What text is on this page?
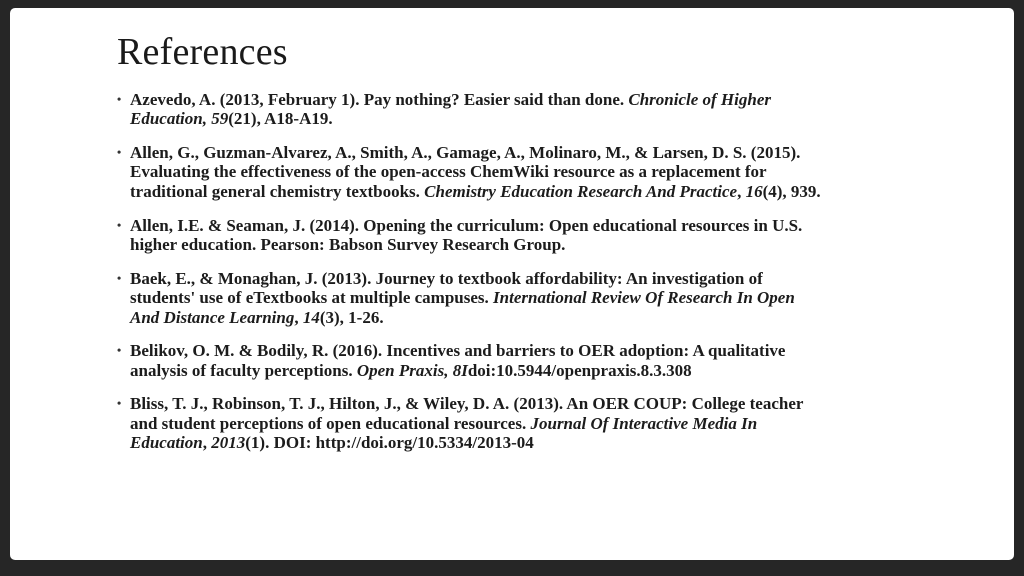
References
• Azevedo, A. (2013, February 1). Pay nothing? Easier said than done. Chronicle of Higher Education, 59(21), A18-A19.
• Allen, G., Guzman-Alvarez, A., Smith, A., Gamage, A., Molinaro, M., & Larsen, D. S. (2015). Evaluating the effectiveness of the open-access ChemWiki resource as a replacement for traditional general chemistry textbooks. Chemistry Education Research And Practice, 16(4), 939.
• Allen, I.E. & Seaman, J. (2014). Opening the curriculum: Open educational resources in U.S. higher education. Pearson: Babson Survey Research Group.
• Baek, E., & Monaghan, J. (2013). Journey to textbook affordability: An investigation of students' use of eTextbooks at multiple campuses. International Review Of Research In Open And Distance Learning, 14(3), 1-26.
• Belikov, O. M. & Bodily, R. (2016). Incentives and barriers to OER adoption: A qualitative analysis of faculty perceptions. Open Praxis, 8Idoi:10.5944/openpraxis.8.3.308
• Bliss, T. J., Robinson, T. J., Hilton, J., & Wiley, D. A. (2013). An OER COUP: College teacher and student perceptions of open educational resources. Journal Of Interactive Media In Education, 2013(1). DOI: http://doi.org/10.5334/2013-04
